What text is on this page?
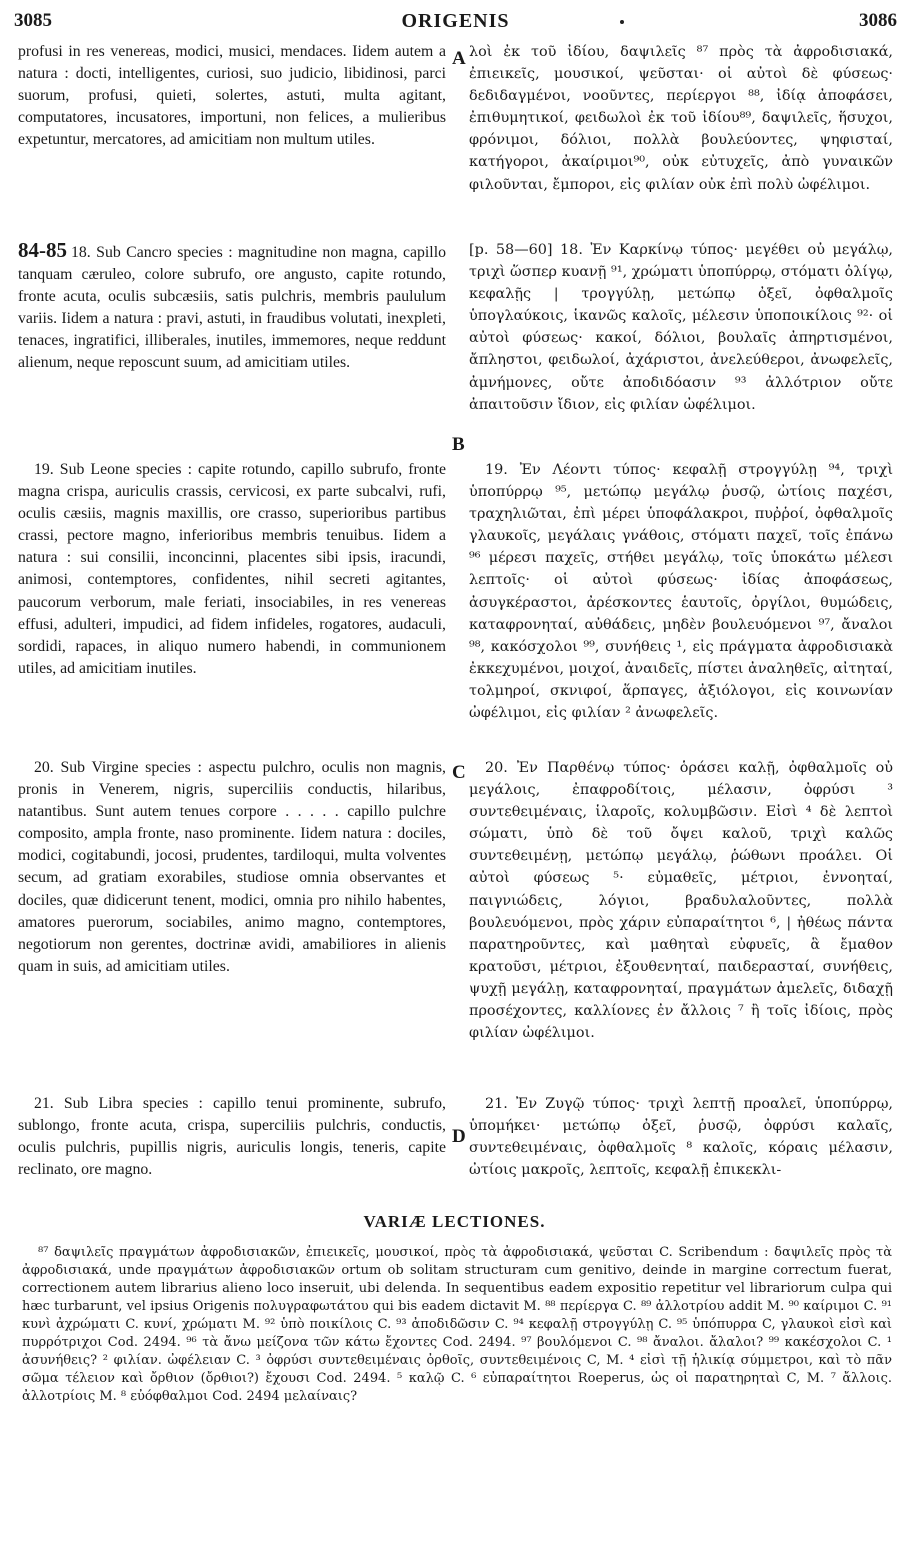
3085	ORIGENIS	3086
profusi in res venereas, modici, musici, mendaces. Iidem autem a natura : docti, intelligentes, curiosi, suo judicio, libidinosi, parci suorum, profusi, quieti, solertes, astuti, multa agitant, computatores, incusatores, importuni, non felices, a mulieribus expetuntur, mercatores, ad amicitiam non multum utiles.
84-85 18. Sub Cancro species : magnitudine non magna, capillo tanquam cæruleo, colore subrufo, ore angusto, capite rotundo, fronte acuta, oculis subcæsiis, satis pulchris, membris paululum variis. Iidem a natura : pravi, astuti, in fraudibus volutati, inexpleti, tenaces, ingratifici, illiberales, inutiles, immemores, neque reddunt alienum, neque reposcunt suum, ad amicitiam utiles.
19. Sub Leone species : capite rotundo, capillo subrufo, fronte magna crispa, auriculis crassis, cervicosi, ex parte subcalvi, rufi, oculis cæsiis, magnis maxillis, ore crasso, superioribus partibus crassi, pectore magno, inferioribus membris tenuibus. Iidem a natura : sui consilii, inconcinni, placentes sibi ipsis, iracundi, animosi, contemptores, confidentes, nihil secreti agitantes, paucorum verborum, male feriati, insociabiles, in res venereas effusi, adulteri, impudici, ad fidem infideles, rogatores, audaculi, sordidi, rapaces, in aliquo numero habendi, in communionem utiles, ad amicitiam inutiles.
20. Sub Virgine species : aspectu pulchro, oculis non magnis, pronis in Venerem, nigris, superciliis conductis, hilaribus, natantibus. Sunt autem tenues corpore . . . . . capillo pulchre composito, ampla fronte, naso prominente. Iidem natura : dociles, modici, cogitabundi, jocosi, prudentes, tardiloqui, multa volventes secum, ad gratiam exorabiles, studiose omnia observantes et dociles, quæ didicerunt tenent, modici, omnia pro nihilo habentes, amatores puerorum, sociabiles, animo magno, contemptores, negotiorum non gerentes, doctrinæ avidi, amabiliores in alienis quam in suis, ad amicitiam utiles.
21. Sub Libra species : capillo tenui prominente, subrufo, sublongo, fronte acuta, crispa, superciliis pulchris, conductis, oculis pulchris, pupillis nigris, auriculis longis, teneris, capite reclinato, ore magno.
A
B
C
D
λοὶ ἐκ τοῦ ἰδίου, δαψιλεῖς ⁸⁷ πρὸς τὰ ἀφροδισιακά, ἐπιεικεῖς, μουσικοί, ψεῦσται· οἱ αὐτοὶ δὲ φύσεως· δεδιδαγμένοι, νοοῦντες, περίεργοι ⁸⁸, ἰδίᾳ ἀποφάσει, ἐπιθυμητικοί, φειδωλοὶ ἐκ τοῦ ἰδίου⁸⁹, δαψιλεῖς, ἥσυχοι, φρόνιμοι, δόλιοι, πολλὰ βουλεύοντες, ψηφισταί, κατήγοροι, ἀκαίριμοι⁹⁰, οὐκ εὐτυχεῖς, ἀπὸ γυναικῶν φιλοῦνται, ἔμποροι, εἰς φιλίαν οὐκ ἐπὶ πολὺ ὠφέλιμοι.
[p. 58—60] 18. Ἐν Καρκίνῳ τύπος· μεγέθει οὐ μεγάλῳ, τριχὶ ὥσπερ κυανῇ ⁹¹, χρώματι ὑποπύρρῳ, στόματι ὀλίγῳ, κεφαλῇς | τρογγύλῃ, μετώπῳ ὀξεῖ, ὀφθαλμοῖς ὑπογλαύκοις, ἱκανῶς καλοῖς, μέλεσιν ὑποποικίλοις ⁹²· οἱ αὐτοὶ φύσεως· κακοί, δόλιοι, βουλαῖς ἀπηρτισμένοι, ἄπληστοι, φειδωλοί, ἀχάριστοι, ἀνελεύθεροι, ἀνωφελεῖς, ἀμνήμονες, οὔτε ἀποδιδόασιν ⁹³ ἀλλότριον οὔτε ἀπαιτοῦσιν ἴδιον, εἰς φιλίαν ὠφέλιμοι.
19. Ἐν Λέοντι τύπος· κεφαλῇ στρογγύλῃ ⁹⁴, τριχὶ ὑποπύρρῳ ⁹⁵, μετώπῳ μεγάλῳ ῥυσῷ, ὠτίοις παχέσι, τραχηλιῶται, ἐπὶ μέρει ὑποφάλακροι, πυῤῥοί, ὀφθαλμοῖς γλαυκοῖς, μεγάλαις γνάθοις, στόματι παχεῖ, τοῖς ἐπάνω ⁹⁶ μέρεσι παχεῖς, στήθει μεγάλῳ, τοῖς ὑποκάτω μέλεσι λεπτοῖς· οἱ αὐτοὶ φύσεως· ἰδίας ἀποφάσεως, ἀσυγκέραστοι, ἀρέσκοντες ἑαυτοῖς, ὀργίλοι, θυμώδεις, καταφρονηταί, αὐθάδεις, μηδὲν βουλευόμενοι ⁹⁷, ἄναλοι ⁹⁸, κακόσχολοι ⁹⁹, συνήθεις ¹, εἰς πράγματα ἀφροδισιακὰ ἐκκεχυμένοι, μοιχοί, ἀναιδεῖς, πίστει ἀναληθεῖς, αἰτηταί, τολμηροί, σκνιφοί, ἅρπαγες, ἀξιόλογοι, εἰς κοινωνίαν ὠφέλιμοι, εἰς φιλίαν ² ἀνωφελεῖς.
20. Ἐν Παρθένῳ τύπος· ὁράσει καλῇ, ὀφθαλμοῖς οὐ μεγάλοις, ἐπαφροδίτοις, μέλασιν, ὀφρύσι ³ συντεθειμέναις, ἱλαροῖς, κολυμβῶσιν. Εἰσὶ ⁴ δὲ λεπτοὶ σώματι, ὑπὸ δὲ τοῦ ὄψει καλοῦ, τριχὶ καλῶς συντεθειμένῃ, μετώπῳ μεγάλῳ, ῥώθωνι προάλει. Οἱ αὐτοὶ φύσεως ⁵· εὐμαθεῖς, μέτριοι, ἐννοηταί, παιγνιώδεις, λόγιοι, βραδυλαλοῦντες, πολλὰ βουλευόμενοι, πρὸς χάριν εὐπαραίτητοι ⁶, | ἠθέως πάντα παρατηροῦντες, καὶ μαθηταὶ εὐφυεῖς, ἃ ἔμαθον κρατοῦσι, μέτριοι, ἐξουθενηταί, παιδερασταί, συνήθεις, ψυχῇ μεγάλῃ, καταφρονηταί, πραγμάτων ἀμελεῖς, διδαχῇ προσέχοντες, καλλίονες ἐν ἄλλοις ⁷ ἢ τοῖς ἰδίοις, πρὸς φιλίαν ὠφέλιμοι.
21. Ἐν Ζυγῷ τύπος· τριχὶ λεπτῇ προαλεῖ, ὑποπύρρῳ, ὑπομήκει· μετώπῳ ὀξεῖ, ῥυσῷ, ὀφρύσι καλαῖς, συντεθειμέναις, ὀφθαλμοῖς ⁸ καλοῖς, κόραις μέλασιν, ὠτίοις μακροῖς, λεπτοῖς, κεφαλῇ ἐπικεκλι-
VARIÆ LECTIONES.

⁸⁷ δαψιλεῖς πραγμάτων ἀφροδισιακῶν, ἐπιεικεῖς, μουσικοί, πρὸς τὰ ἀφροδισιακά, ψεῦσται C. Scribendum : δαψιλεῖς πρὸς τὰ ἀφροδισιακά, unde πραγμάτων ἀφροδισιακῶν ortum ob solitam structuram cum genitivo, deinde in margine correctum fuerat, correctionem autem librarius alieno loco inseruit, ubi delenda. In sequentibus eadem expositio repetitur vel librariorum culpa qui hæc turbarunt, vel ipsius Origenis πολυγραφωτάτου qui bis eadem dictavit M. ⁸⁸ περίεργα C. ⁸⁹ ἀλλοτρίου addit M. ⁹⁰ καίριμοι C. ⁹¹ κυνὶ ἀχρώματι C. κυνί, χρώματι M. ⁹² ὑπὸ ποικίλοις C. ⁹³ ἀποδιδῶσιν C. ⁹⁴ κεφαλῇ στρογγύλῃ C. ⁹⁵ ὑπόπυρρα C, γλαυκοὶ εἰσὶ καὶ πυρρότριχοι Cod. 2494. ⁹⁶ τὰ ἄνω μείζονα τῶν κάτω ἔχοντες Cod. 2494. ⁹⁷ βουλόμενοι C. ⁹⁸ ἄναλοι. ἄλαλοι? ⁹⁹ κακέσχολοι C. ¹ ἀσυνήθεις? ² φιλίαν. ὠφέλειαν C. ³ ὀφρύσι συντεθειμέναις ὀρθοῖς, συντεθειμένοις C, M. ⁴ εἰσὶ τῇ ἡλικίᾳ σύμμετροι, καὶ τὸ πᾶν σῶμα τέλειον καὶ ὄρθιον (ὄρθιοι?) ἔχουσι Cod. 2494. ⁵ καλῷ C. ⁶ εὐπαραίτητοι Roeperus, ὡς οἱ παρατηρηταὶ C, M. ⁷ ἄλλοις. ἀλλοτρίοις M. ⁸ εὐόφθαλμοι Cod. 2494 μελαίναις?
